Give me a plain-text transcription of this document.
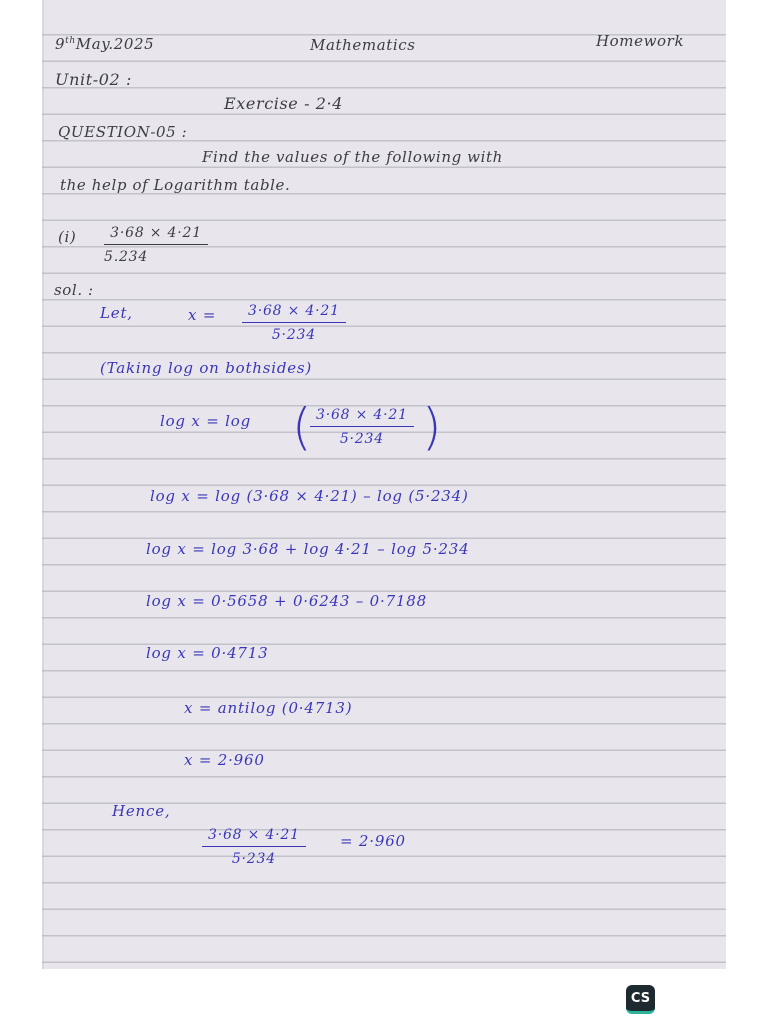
9thMay.2025	Mathematics	Homework
Unit-02 :
Exercise - 2·4
QUESTION-05 :
Find the values of the following with
the help of Logarithm table.
$(i) \frac{3\cdot 68 \times 4\cdot 21}{5.234}$
sol. :
Let,	$x = \frac{3\cdot 68 \times 4\cdot 21}{5\cdot 234}$
(Taking log on bothsides)
log x = log (
$\frac{3\cdot 68 \times 4\cdot 21}{5\cdot 234}$ )
log x = log (3·68 × 4·21) – log (5·234)
log x = log 3·68 + log 4·21 – log 5·234
log x = 0·5658 + 0·6243 – 0·7188
log x = 0·4713
x = antilog (0·4713)
x = 2·960
Hence,
$\frac{3\cdot 68 \times 4\cdot 21}{5\cdot 234} = 2\cdot 960$
CS
